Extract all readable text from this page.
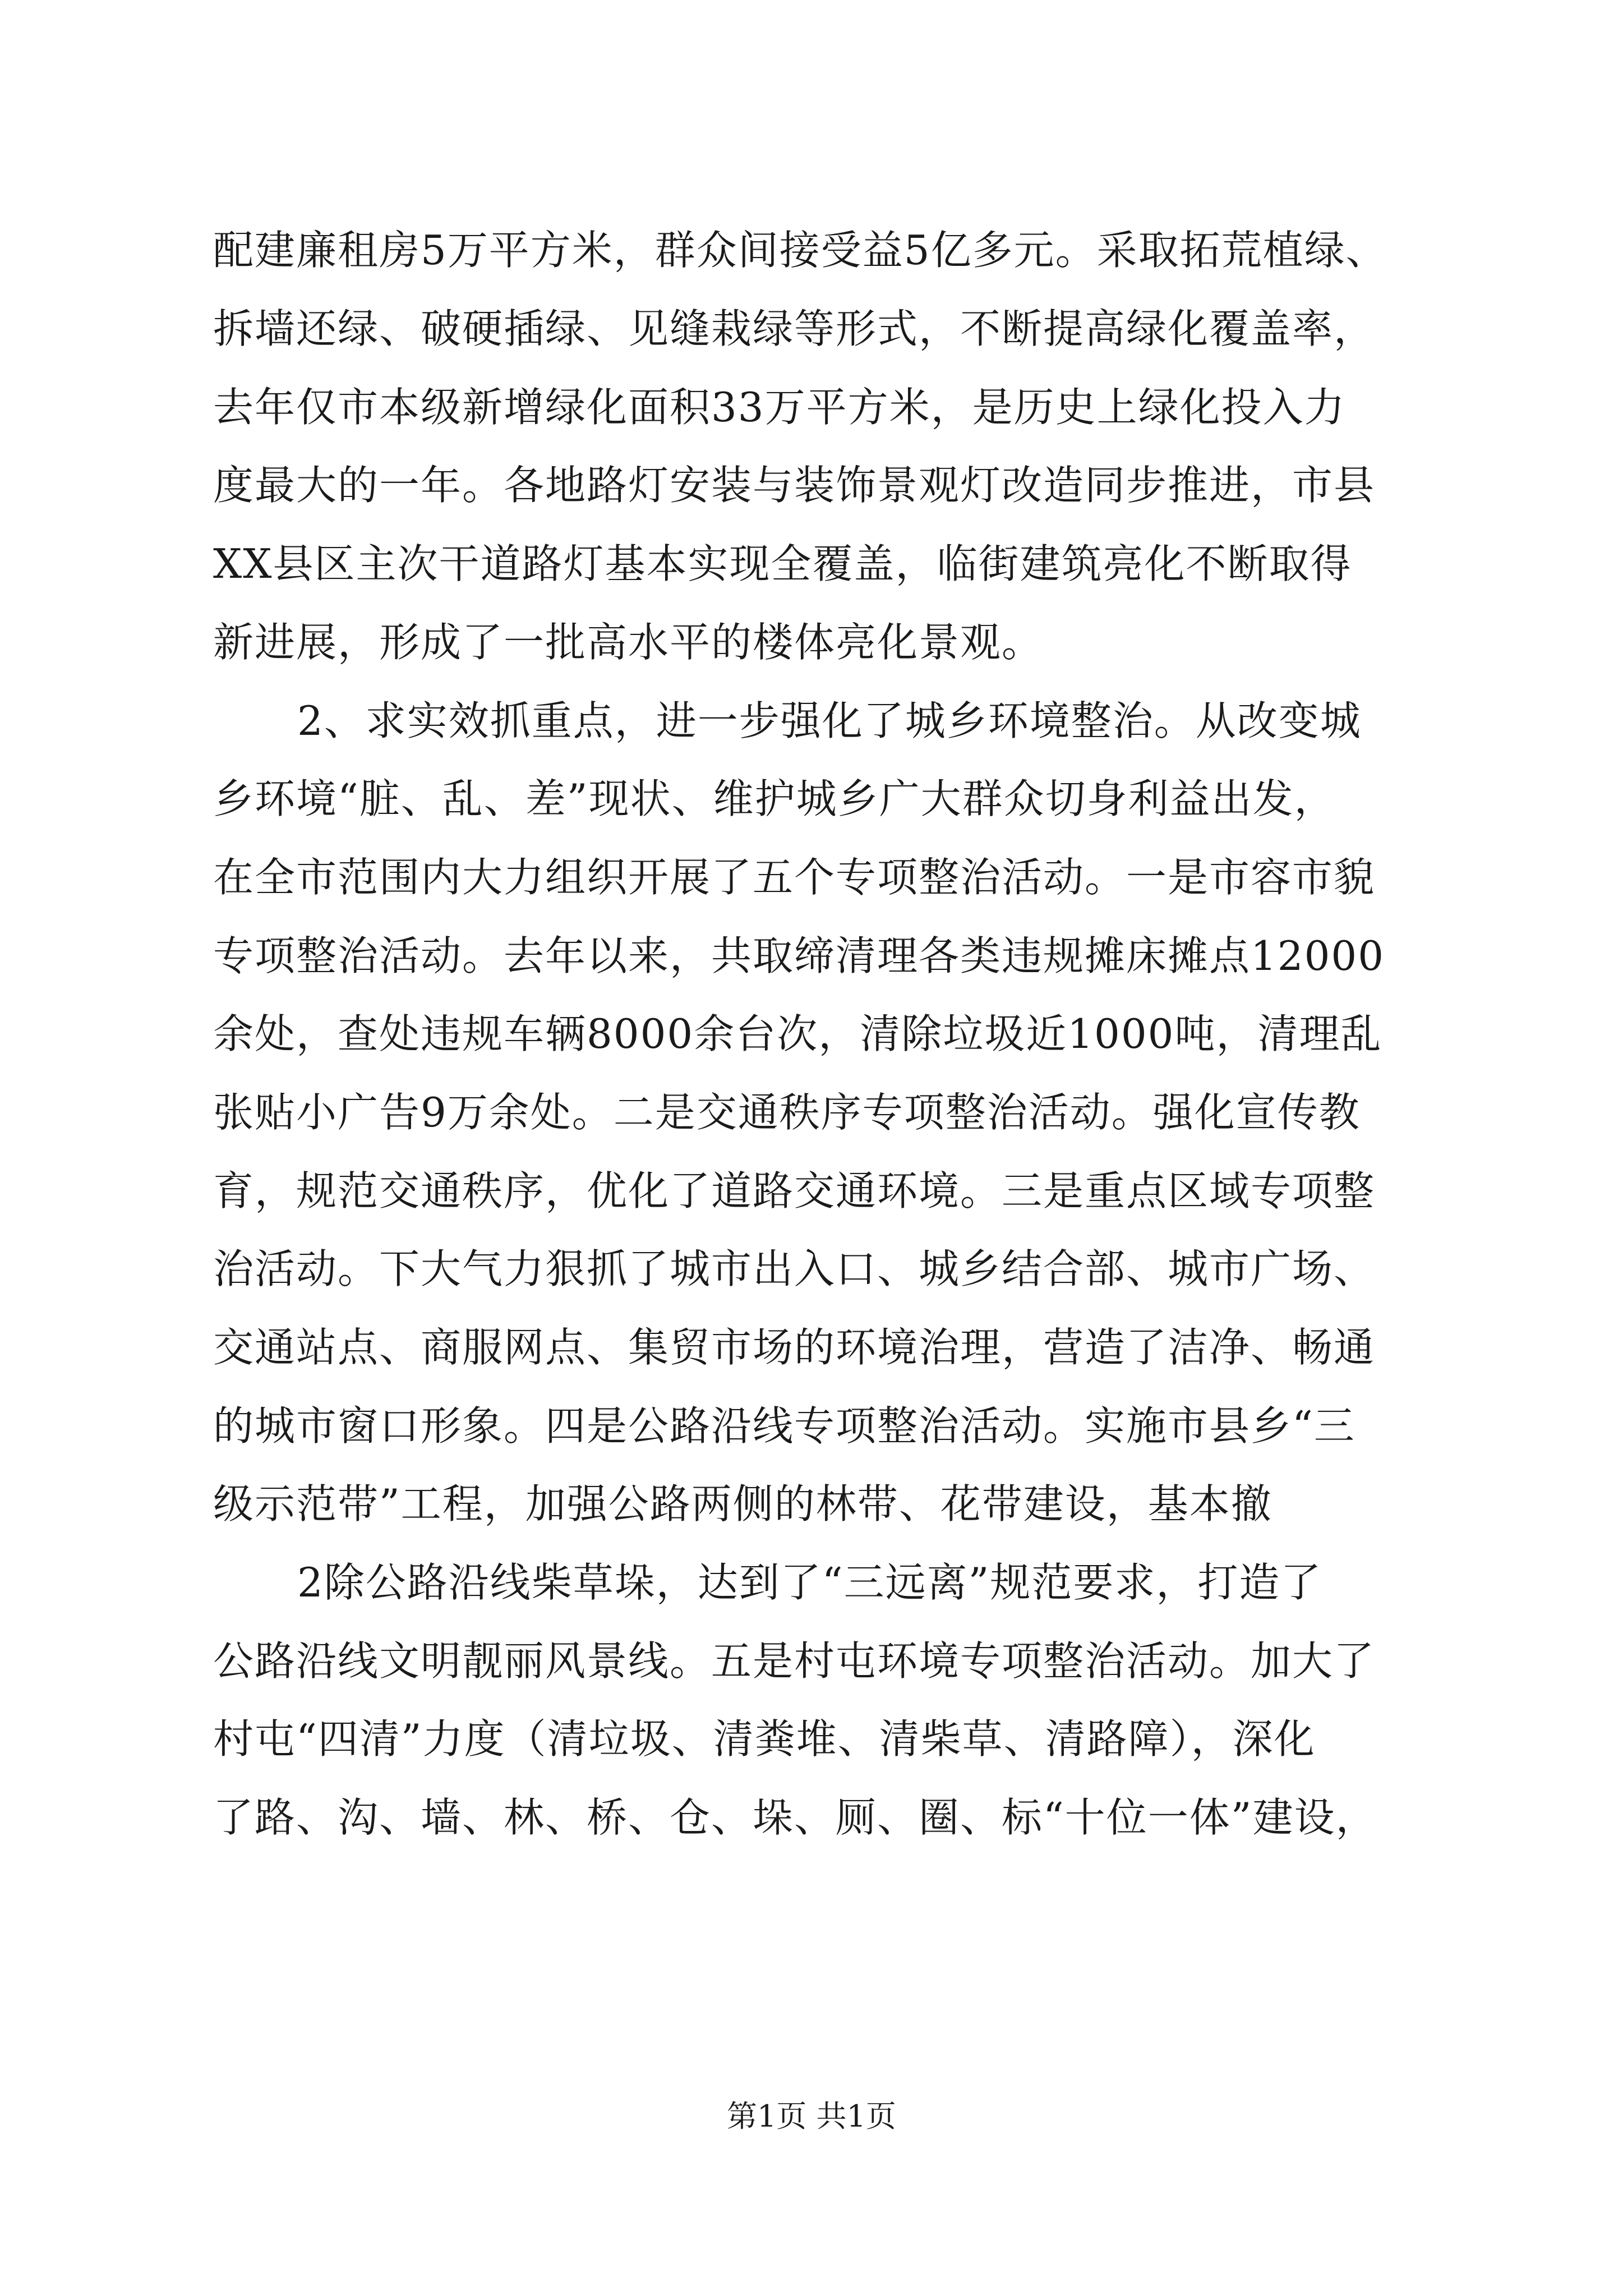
配建廉租房5万平方米，群众间接受益5亿多元。采取拓荒植绿、
拆墙还绿、破硬插绿、见缝栽绿等形式，不断提高绿化覆盖率，
去年仅市本级新增绿化面积33万平方米，是历史上绿化投入力
度最大的一年。各地路灯安装与装饰景观灯改造同步推进，市县
XX县区主次干道路灯基本实现全覆盖，临街建筑亮化不断取得
新进展，形成了一批高水平的楼体亮化景观。
2、求实效抓重点，进一步强化了城乡环境整治。从改变城
乡环境“脏、乱、差”现状、维护城乡广大群众切身利益出发，
在全市范围内大力组织开展了五个专项整治活动。一是市容市貌
专项整治活动。去年以来，共取缔清理各类违规摊床摊点12000
余处，查处违规车辆8000余台次，清除垃圾近1000吨，清理乱
张贴小广告9万余处。二是交通秩序专项整治活动。强化宣传教
育，规范交通秩序，优化了道路交通环境。三是重点区域专项整
治活动。下大气力狠抓了城市出入口、城乡结合部、城市广场、
交通站点、商服网点、集贸市场的环境治理，营造了洁净、畅通
的城市窗口形象。四是公路沿线专项整治活动。实施市县乡“三
级示范带”工程，加强公路两侧的林带、花带建设，基本撤
2除公路沿线柴草垛，达到了“三远离”规范要求，打造了
公路沿线文明靓丽风景线。五是村屯环境专项整治活动。加大了
村屯“四清”力度（清垃圾、清粪堆、清柴草、清路障），深化
了路、沟、墙、林、桥、仓、垛、厕、圈、标“十位一体”建设，
第1页 共1页
